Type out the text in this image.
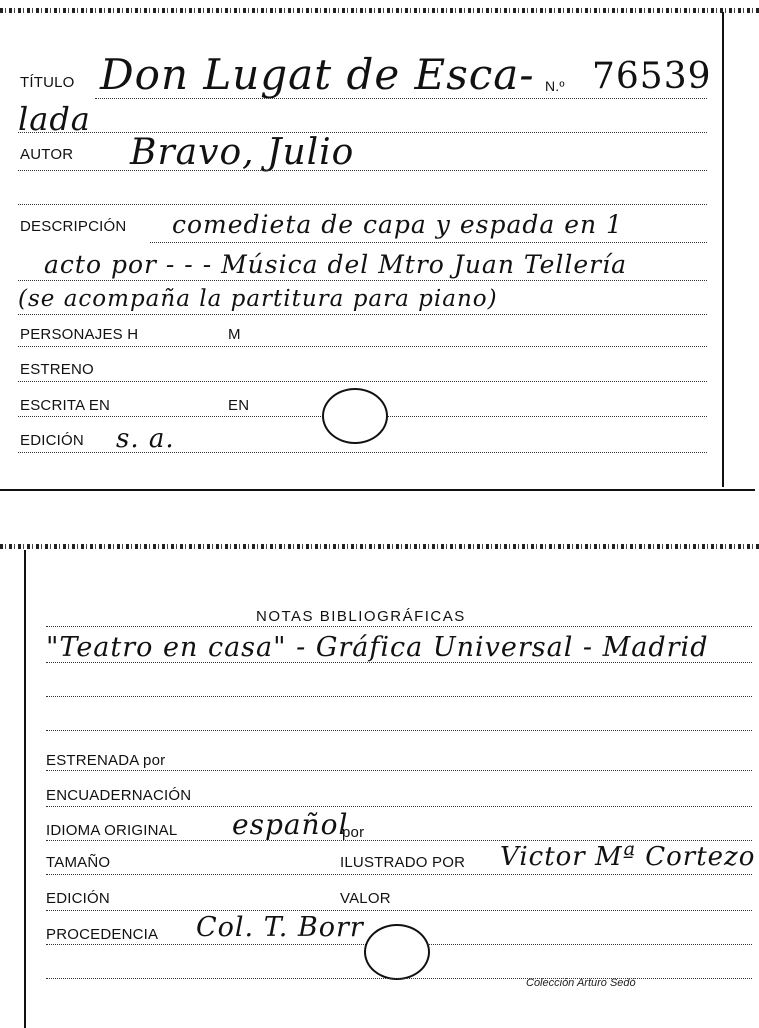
TÍTULO Don Lugat de Esca- N.º 76539
lada
AUTOR Bravo, Julio
DESCRIPCIÓN comedieta de capa y espada en 1
acto por - - - Música del Mtro Juan Tellería
(se acompaña la partitura para piano)
PERSONAJES H	M
ESTRENO
ESCRITA EN	EN
EDICIÓN s. a.
NOTAS BIBLIOGRÁFICAS
"Teatro en casa" - Gráfica Universal - Madrid
ESTRENADA por
ENCUADERNACIÓN
IDIOMA ORIGINAL español
por
TAMAÑO	ILUSTRADO POR Victor Mª Cortezo
EDICIÓN	VALOR
PROCEDENCIA Col. T. Borr
Colección Arturo Sedó
